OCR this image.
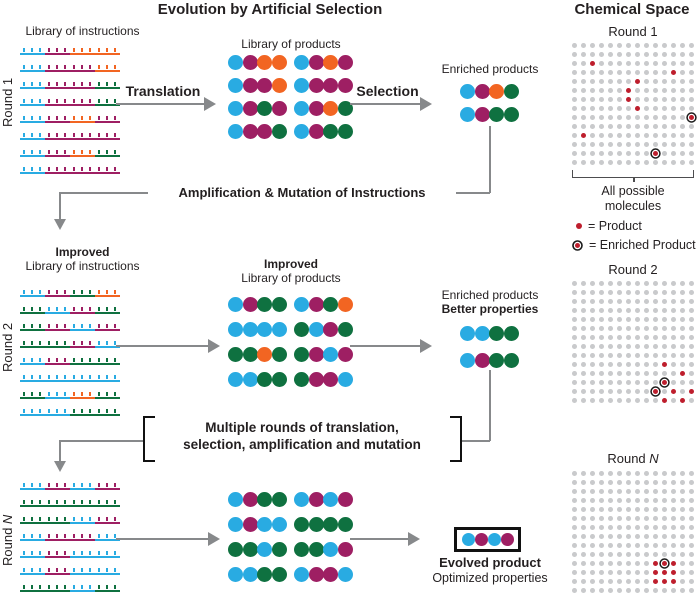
Evolution by Artificial Selection	Chemical Space
Library of instructions
Round 1
Translation
Library of products
Selection
Enriched products
Amplification & Mutation of Instructions
Improved
Library of instructions
Round 2
Improved
Library of products
Enriched products
Better properties
Multiple rounds of translation,
selection, amplification and mutation
Round N
Evolved product
Optimized properties
Round 1
All possible
molecules
= Product
= Enriched Product
Round 2
Round N
